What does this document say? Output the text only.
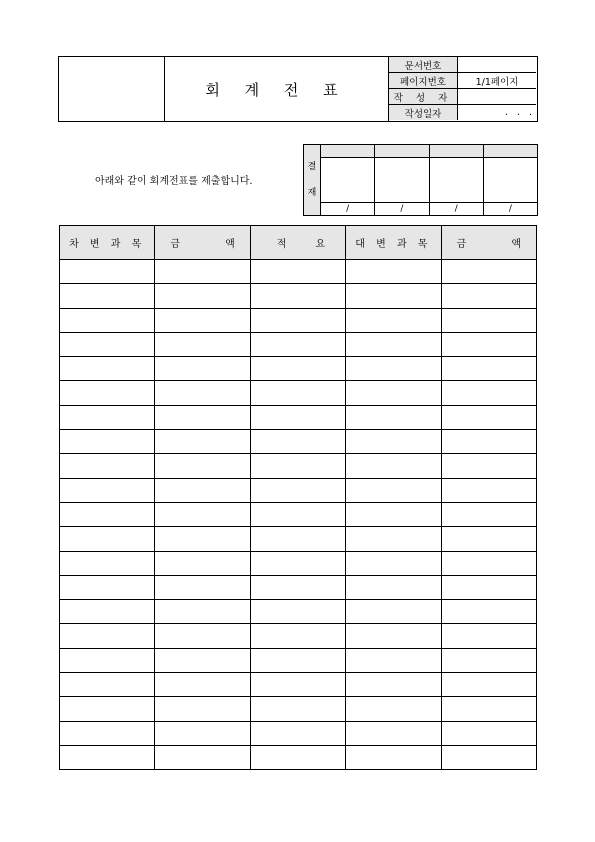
회 계 전 표
문서번호	
페이지번호	1/1페이지
작 성 자	
작성일자	.   .   .
아래와 같이 회계전표를 제출합니다.
결
재				

	/	/	/	/
차 변 과 목	금 액	적 요	대 변 과 목	금 액
